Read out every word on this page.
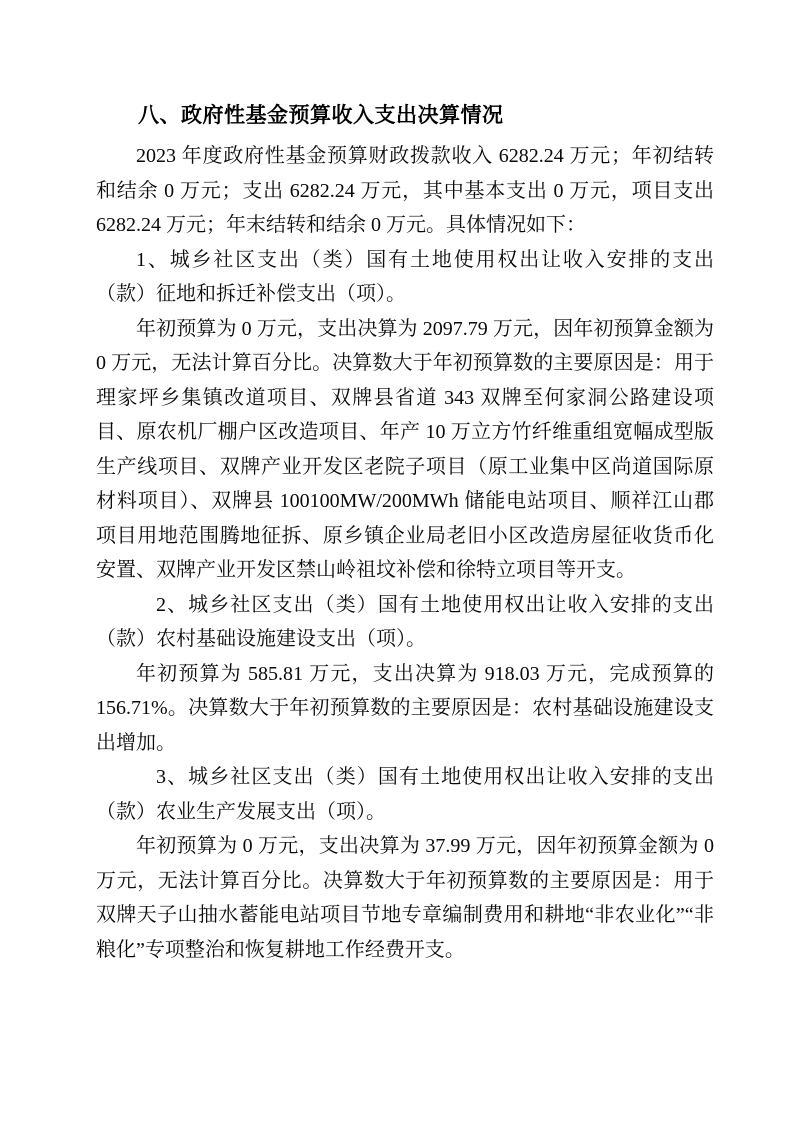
八、政府性基金预算收入支出决算情况

2023 年度政府性基金预算财政拨款收入 6282.24 万元；年初结转和结余 0 万元；支出 6282.24 万元，其中基本支出 0 万元，项目支出 6282.24 万元；年末结转和结余 0 万元。具体情况如下：

1、城乡社区支出（类）国有土地使用权出让收入安排的支出（款）征地和拆迁补偿支出（项）。

年初预算为 0 万元，支出决算为 2097.79 万元，因年初预算金额为 0 万元，无法计算百分比。决算数大于年初预算数的主要原因是：用于理家坪乡集镇改道项目、双牌县省道 343 双牌至何家洞公路建设项目、原农机厂棚户区改造项目、年产 10 万立方竹纤维重组宽幅成型版生产线项目、双牌产业开发区老院子项目（原工业集中区尚道国际原材料项目）、双牌县 100100MW/200MWh 储能电站项目、顺祥江山郡项目用地范围腾地征拆、原乡镇企业局老旧小区改造房屋征收货币化安置、双牌产业开发区禁山岭祖坟补偿和徐特立项目等开支。

2、城乡社区支出（类）国有土地使用权出让收入安排的支出（款）农村基础设施建设支出（项）。

年初预算为 585.81 万元，支出决算为 918.03 万元，完成预算的 156.71%。决算数大于年初预算数的主要原因是：农村基础设施建设支出增加。

3、城乡社区支出（类）国有土地使用权出让收入安排的支出（款）农业生产发展支出（项）。

年初预算为 0 万元，支出决算为 37.99 万元，因年初预算金额为 0 万元，无法计算百分比。决算数大于年初预算数的主要原因是：用于双牌天子山抽水蓄能电站项目节地专章编制费用和耕地“非农业化”“非粮化”专项整治和恢复耕地工作经费开支。
